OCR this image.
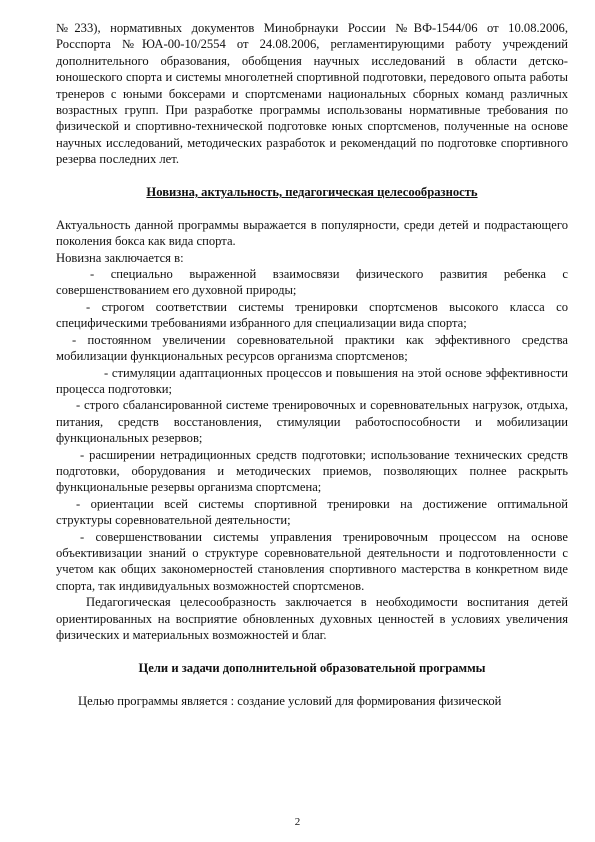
№233), нормативных документов Минобрнауки России №ВФ-1544/06 от 10.08.2006, Росспорта №ЮА-00-10/2554 от 24.08.2006, регламентирующими работу учреждений дополнительного образования, обобщения научных исследований в области детско-юношеского спорта и системы многолетней спортивной подготовки, передового опыта работы тренеров с юными боксерами и спортсменами национальных сборных команд различных возрастных групп. При разработке программы использованы нормативные требования по физической и спортивно-технической подготовке юных спортсменов, полученные на основе научных исследований, методических разработок и рекомендаций по подготовке спортивного резерва последних лет.

Новизна, актуальность, педагогическая целесообразность

Актуальность данной программы выражается в популярности, среди детей и подрастающего поколения бокса как вида спорта.

Новизна заключается в:

- специально выраженной взаимосвязи физического развития ребенка с совершенствованием его духовной природы;

- строгом соответствии системы тренировки спортсменов высокого класса со специфическими требованиями избранного для специализации вида спорта;

- постоянном увеличении соревновательной практики как эффективного средства мобилизации функциональных ресурсов организма спортсменов;

- стимуляции адаптационных процессов и повышения на этой основе эффективности процесса подготовки;

- строго сбалансированной системе тренировочных и соревновательных нагрузок, отдыха, питания, средств восстановления, стимуляции работоспособности и мобилизации функциональных резервов;

- расширении нетрадиционных средств подготовки; использование технических средств подготовки, оборудования и методических приемов, позволяющих полнее раскрыть функциональные резервы организма спортсмена;

- ориентации всей системы спортивной тренировки на достижение оптимальной структуры соревновательной деятельности;

- совершенствовании системы управления тренировочным процессом на основе объективизации знаний о структуре соревновательной деятельности и подготовленности с учетом как общих закономерностей становления спортивного мастерства в конкретном виде спорта, так индивидуальных возможностей спортсменов.

Педагогическая целесообразность заключается в необходимости воспитания детей ориентированных на восприятие обновленных духовных ценностей в условиях увеличения физических и материальных возможностей и благ.

Цели и задачи дополнительной образовательной программы

Целью программы является : создание условий для формирования физической

2
